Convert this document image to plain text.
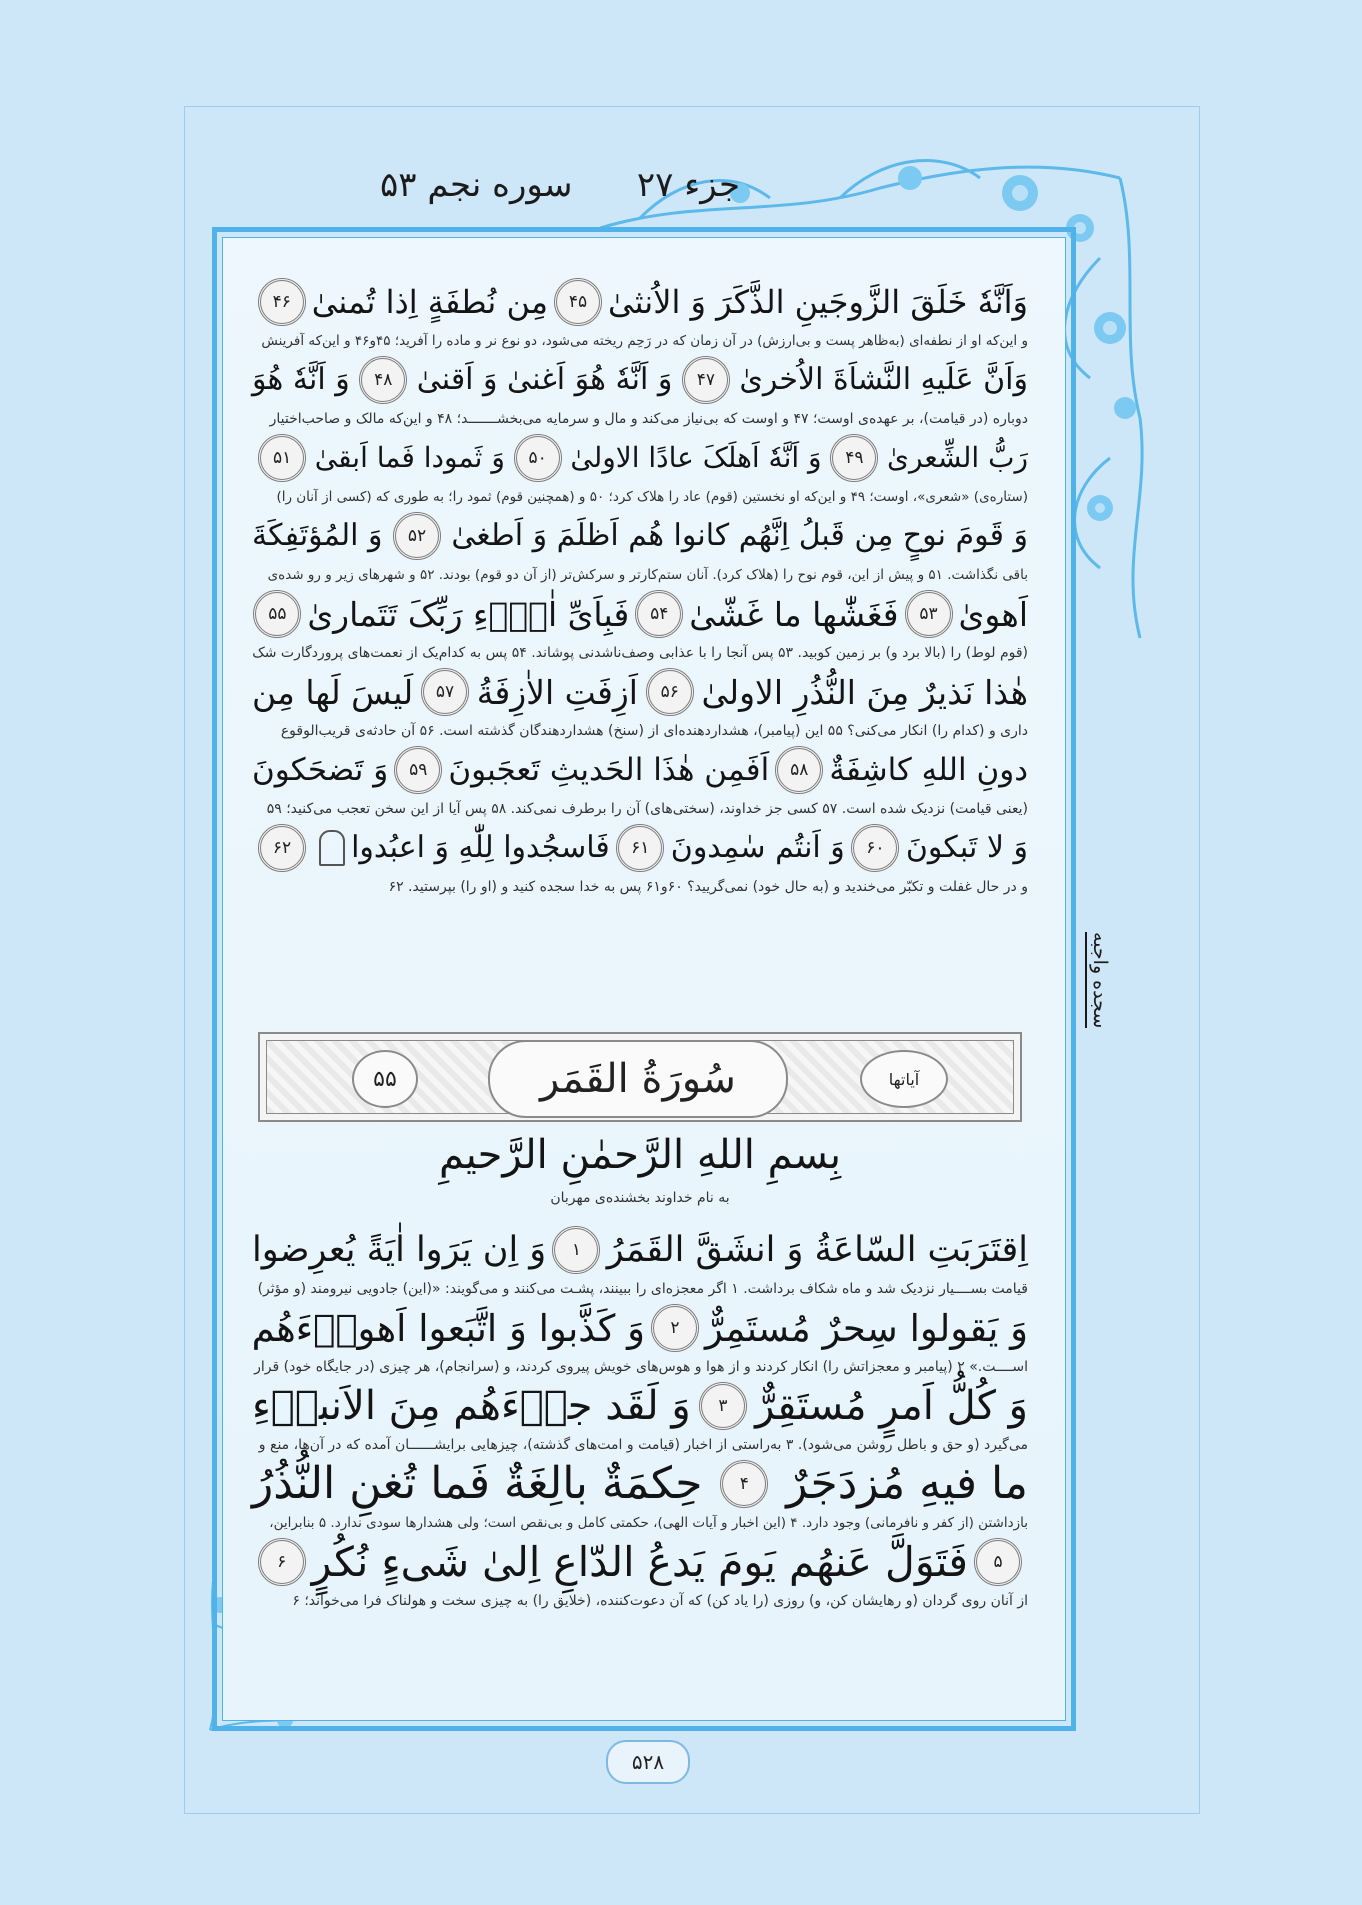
جزء ۲۷
سوره نجم ۵۳
وَاَنَّهٗ خَلَقَ الزَّوجَینِ الذَّکَرَ وَ الاُنثیٰ
۴۵
مِن نُطفَةٍ اِذا تُمنیٰ
۴۶
و این‌که او از نطفه‌ای (به‌ظاهر پست و بی‌ارزش) در آن زمان که در رَحِم ریخته می‌شود، دو نوع نر و ماده را آفرید؛ ۴۵و۴۶ و این‌که آفرینش
وَاَنَّ عَلَیهِ النَّشاَةَ الاُخریٰ
۴۷
وَ اَنَّهٗ هُوَ اَغنیٰ وَ اَقنیٰ
۴۸
وَ اَنَّهٗ هُوَ
دوباره (در قیامت)، بر عهده‌ی اوست؛ ۴۷ و اوست که بی‌نیاز می‌کند و مال و سرمایه می‌بخشـــــــد؛ ۴۸ و این‌که مالک و صاحب‌اختیار
رَبُّ الشِّعریٰ
۴۹
وَ اَنَّهٗ اَهلَکَ عادًا الاولیٰ
۵۰
وَ ثَمودا فَما اَبقیٰ
۵۱
(ستاره‌ی) «شعری»، اوست؛ ۴۹ و این‌که او نخستین (قوم) عاد را هلاک کرد؛ ۵۰ و (همچنین قوم) ثمود را؛ به طوری که (کسی از آنان را)
وَ قَومَ نوحٍ مِن قَبلُ اِنَّهُم کانوا هُم اَظلَمَ وَ اَطغیٰ
۵۲
وَ المُؤتَفِکَةَ
باقی نگذاشت. ۵۱ و پیش از این، قوم نوح را (هلاک کرد). آنان ستم‌کارتر و سرکش‌تر (از آن دو قوم) بودند. ۵۲ و شهرهای زیر و رو شده‌ی
اَهویٰ
۵۳
فَغَشّٰها ما غَشّیٰ
۵۴
فَبِاَیِّ اٰلاۤءِ رَبِّکَ تَتَماریٰ
۵۵
(قوم لوط) را (بالا برد و) بر زمین کوبید. ۵۳ پس آنجا را با عذابی وصف‌ناشدنی پوشاند. ۵۴ پس به کدام‌یک از نعمت‌های پروردگارت شک
هٰذا نَذیرٌ مِنَ النُّذُرِ الاولیٰ
۵۶
اَزِفَتِ الاٰزِفَةُ
۵۷
لَیسَ لَها مِن
داری و (کدام را) انکار می‌کنی؟ ۵۵ این (پیامبر)، هشداردهنده‌ای از (سنخ) هشداردهندگان گذشته است. ۵۶ آن حادثه‌ی قریب‌الوقوع
دونِ اللهِ کاشِفَةٌ
۵۸
اَفَمِن هٰذَا الحَدیثِ تَعجَبونَ
۵۹
وَ تَضحَکونَ
(یعنی قیامت) نزدیک شده است. ۵۷ کسی جز خداوند، (سختی‌های) آن را برطرف نمی‌کند. ۵۸ پس آیا از این سخن تعجب می‌کنید؛ ۵۹
وَ لا تَبکونَ
۶۰
وَ اَنتُم سٰمِدونَ
۶۱
فَاسجُدوا لِلّٰهِ وَ اعبُدوا
۶۲
و در حال غفلت و تکبّر می‌خندید و (به حال خود) نمی‌گریید؟ ۶۰و۶۱ پس به خدا سجده کنید و (او را) بپرستید. ۶۲
۵۵	سُورَةُ القَمَر	آیاتها
بِسمِ اللهِ الرَّحمٰنِ الرَّحیمِ
به نام خداوند بخشنده‌ی مهربان
اِقتَرَبَتِ السّاعَةُ وَ انشَقَّ القَمَرُ
۱
وَ اِن یَرَوا اٰیَةً یُعرِضوا
قیامت بســــیار نزدیک شد و ماه شکاف برداشت. ۱ اگر معجزه‌ای را ببینند، پشـت می‌کنند و می‌گویند: «(این) جادویی نیرومند (و مؤثر)
وَ یَقولوا سِحرٌ مُستَمِرٌّ
۲
وَ کَذَّبوا وَ اتَّبَعوا اَهواۤءَهُم
اســــت.» ۲ (پیامبر و معجزاتش را) انکار کردند و از هوا و هوس‌های خویش پیروی کردند، و (سرانجام)، هر چیزی (در جایگاه خود) قرار
وَ کُلُّ اَمرٍ مُستَقِرٌّ
۳
وَ لَقَد جاۤءَهُم مِنَ الاَنباۤءِ
می‌گیرد (و حق و باطل روشن می‌شود). ۳ به‌راستی از اخبار (قیامت و امت‌های گذشته)، چیزهایی برایشــــــان آمده که در آن‌ها، منع و
ما فیهِ مُزدَجَرٌ
۴
حِکمَةٌ بالِغَةٌ فَما تُغنِ النُّذُرُ
بازداشتن (از کفر و نافرمانی) وجود دارد. ۴ (این اخبار و آیات الهی)، حکمتی کامل و بی‌نقص است؛ ولی هشدارها سودی ندارد. ۵ بنابراین،
۵
فَتَوَلَّ عَنهُم یَومَ یَدعُ الدّاعِ اِلیٰ شَیءٍ نُکُرٍ
۶
از آنان روی گردان (و رهایشان کن، و) روزی (را یاد کن) که آن دعوت‌کننده، (خلایق را) به چیزی سخت و هولناک فرا می‌خواند؛ ۶
سجده واجبه
۵۲۸
